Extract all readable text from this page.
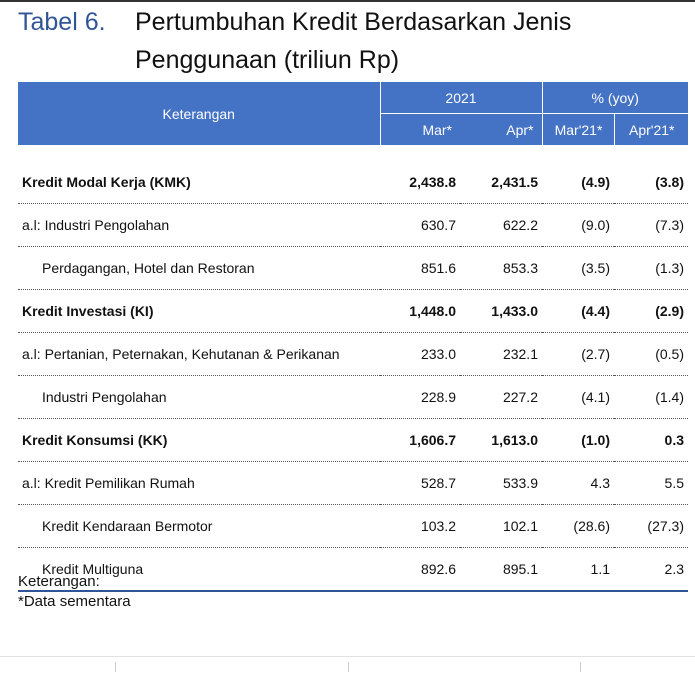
Tabel 6. Pertumbuhan Kredit Berdasarkan Jenis
Penggunaan (triliun Rp)
Keterangan	2021		% (yoy)	
	Mar*	Apr*	Mar'21*	Apr'21*

Kredit Modal Kerja (KMK)	2,438.8	2,431.5	(4.9)	(3.8)
a.l: Industri Pengolahan	630.7	622.2	(9.0)	(7.3)
Perdagangan, Hotel dan Restoran	851.6	853.3	(3.5)	(1.3)
Kredit Investasi (KI)	1,448.0	1,433.0	(4.4)	(2.9)
a.l: Pertanian, Peternakan, Kehutanan & Perikanan	233.0	232.1	(2.7)	(0.5)
Industri Pengolahan	228.9	227.2	(4.1)	(1.4)
Kredit Konsumsi (KK)	1,606.7	1,613.0	(1.0)	0.3
a.l: Kredit Pemilikan Rumah	528.7	533.9	4.3	5.5
Kredit Kendaraan Bermotor	103.2	102.1	(28.6)	(27.3)
Kredit Multiguna	892.6	895.1	1.1	2.3
Keterangan:
*Data sementara
